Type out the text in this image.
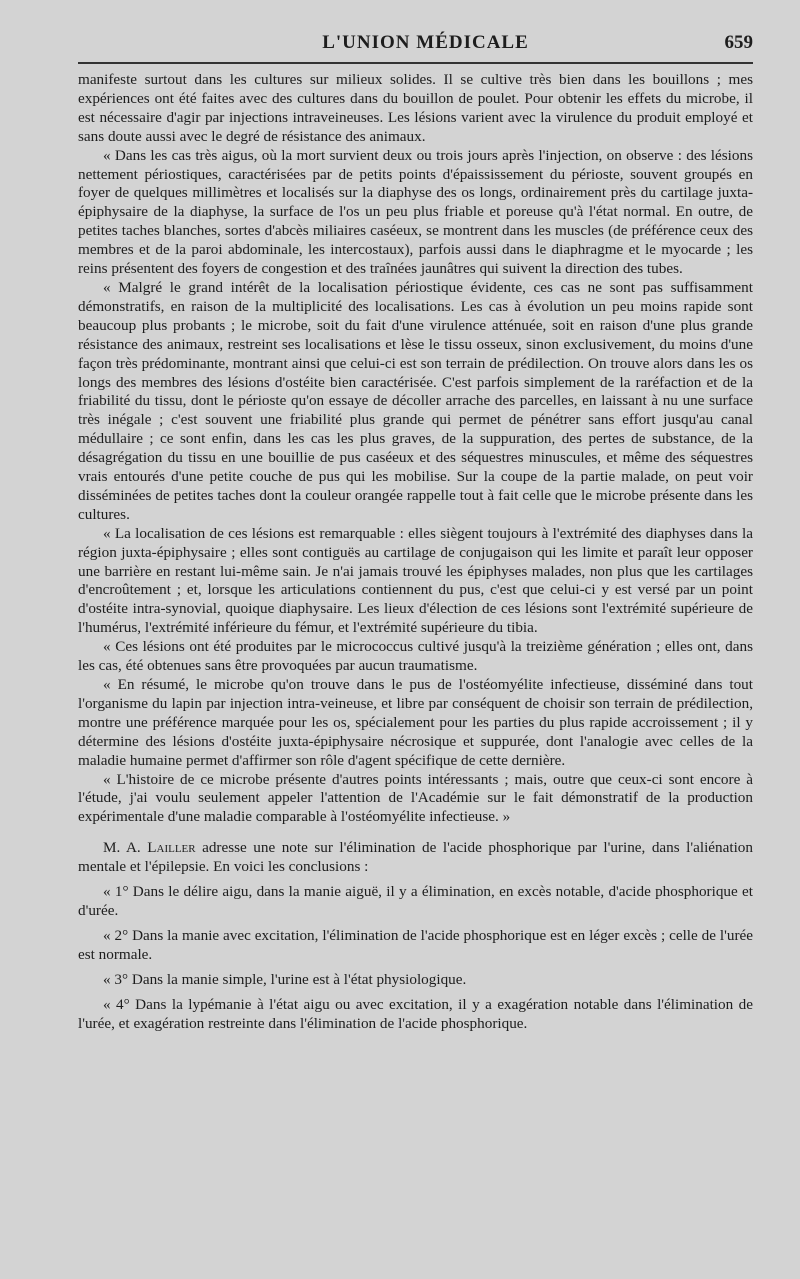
L'UNION MÉDICALE	659

manifeste surtout dans les cultures sur milieux solides. Il se cultive très bien dans les bouillons ; mes expériences ont été faites avec des cultures dans du bouillon de poulet. Pour obtenir les effets du microbe, il est nécessaire d'agir par injections intraveineuses. Les lésions varient avec la virulence du produit employé et sans doute aussi avec le degré de résistance des animaux.

« Dans les cas très aigus, où la mort survient deux ou trois jours après l'injection, on observe : des lésions nettement périostiques, caractérisées par de petits points d'épaississement du périoste, souvent groupés en foyer de quelques millimètres et localisés sur la diaphyse des os longs, ordinairement près du cartilage juxta-épiphysaire de la diaphyse, la surface de l'os un peu plus friable et poreuse qu'à l'état normal. En outre, de petites taches blanches, sortes d'abcès miliaires caséeux, se montrent dans les muscles (de préférence ceux des membres et de la paroi abdominale, les intercostaux), parfois aussi dans le diaphragme et le myocarde ; les reins présentent des foyers de congestion et des traînées jaunâtres qui suivent la direction des tubes.

« Malgré le grand intérêt de la localisation périostique évidente, ces cas ne sont pas suffisamment démonstratifs, en raison de la multiplicité des localisations. Les cas à évolution un peu moins rapide sont beaucoup plus probants ; le microbe, soit du fait d'une virulence atténuée, soit en raison d'une plus grande résistance des animaux, restreint ses localisations et lèse le tissu osseux, sinon exclusivement, du moins d'une façon très prédominante, montrant ainsi que celui-ci est son terrain de prédilection. On trouve alors dans les os longs des membres des lésions d'ostéite bien caractérisée. C'est parfois simplement de la raréfaction et de la friabilité du tissu, dont le périoste qu'on essaye de décoller arrache des parcelles, en laissant à nu une surface très inégale ; c'est souvent une friabilité plus grande qui permet de pénétrer sans effort jusqu'au canal médullaire ; ce sont enfin, dans les cas les plus graves, de la suppuration, des pertes de substance, de la désagrégation du tissu en une bouillie de pus caséeux et des séquestres minuscules, et même des séquestres vrais entourés d'une petite couche de pus qui les mobilise. Sur la coupe de la partie malade, on peut voir disséminées de petites taches dont la couleur orangée rappelle tout à fait celle que le microbe présente dans les cultures.

« La localisation de ces lésions est remarquable : elles siègent toujours à l'extrémité des diaphyses dans la région juxta-épiphysaire ; elles sont contiguës au cartilage de conjugaison qui les limite et paraît leur opposer une barrière en restant lui-même sain. Je n'ai jamais trouvé les épiphyses malades, non plus que les cartilages d'encroûtement ; et, lorsque les articulations contiennent du pus, c'est que celui-ci y est versé par un point d'ostéite intra-synovial, quoique diaphysaire. Les lieux d'élection de ces lésions sont l'extrémité supérieure de l'humérus, l'extrémité inférieure du fémur, et l'extrémité supérieure du tibia.

« Ces lésions ont été produites par le micrococcus cultivé jusqu'à la treizième génération ; elles ont, dans les cas, été obtenues sans être provoquées par aucun traumatisme.

« En résumé, le microbe qu'on trouve dans le pus de l'ostéomyélite infectieuse, disséminé dans tout l'organisme du lapin par injection intra-veineuse, et libre par conséquent de choisir son terrain de prédilection, montre une préférence marquée pour les os, spécialement pour les parties du plus rapide accroissement ; il y détermine des lésions d'ostéite juxta-épiphysaire nécrosique et suppurée, dont l'analogie avec celles de la maladie humaine permet d'affirmer son rôle d'agent spécifique de cette dernière.

« L'histoire de ce microbe présente d'autres points intéressants ; mais, outre que ceux-ci sont encore à l'étude, j'ai voulu seulement appeler l'attention de l'Académie sur le fait démonstratif de la production expérimentale d'une maladie comparable à l'ostéomyélite infectieuse. »

M. A. Lailler adresse une note sur l'élimination de l'acide phosphorique par l'urine, dans l'aliénation mentale et l'épilepsie. En voici les conclusions :

« 1° Dans le délire aigu, dans la manie aiguë, il y a élimination, en excès notable, d'acide phosphorique et d'urée.

« 2° Dans la manie avec excitation, l'élimination de l'acide phosphorique est en léger excès ; celle de l'urée est normale.

« 3° Dans la manie simple, l'urine est à l'état physiologique.

« 4° Dans la lypémanie à l'état aigu ou avec excitation, il y a exagération notable dans l'élimination de l'urée, et exagération restreinte dans l'élimination de l'acide phosphorique.
